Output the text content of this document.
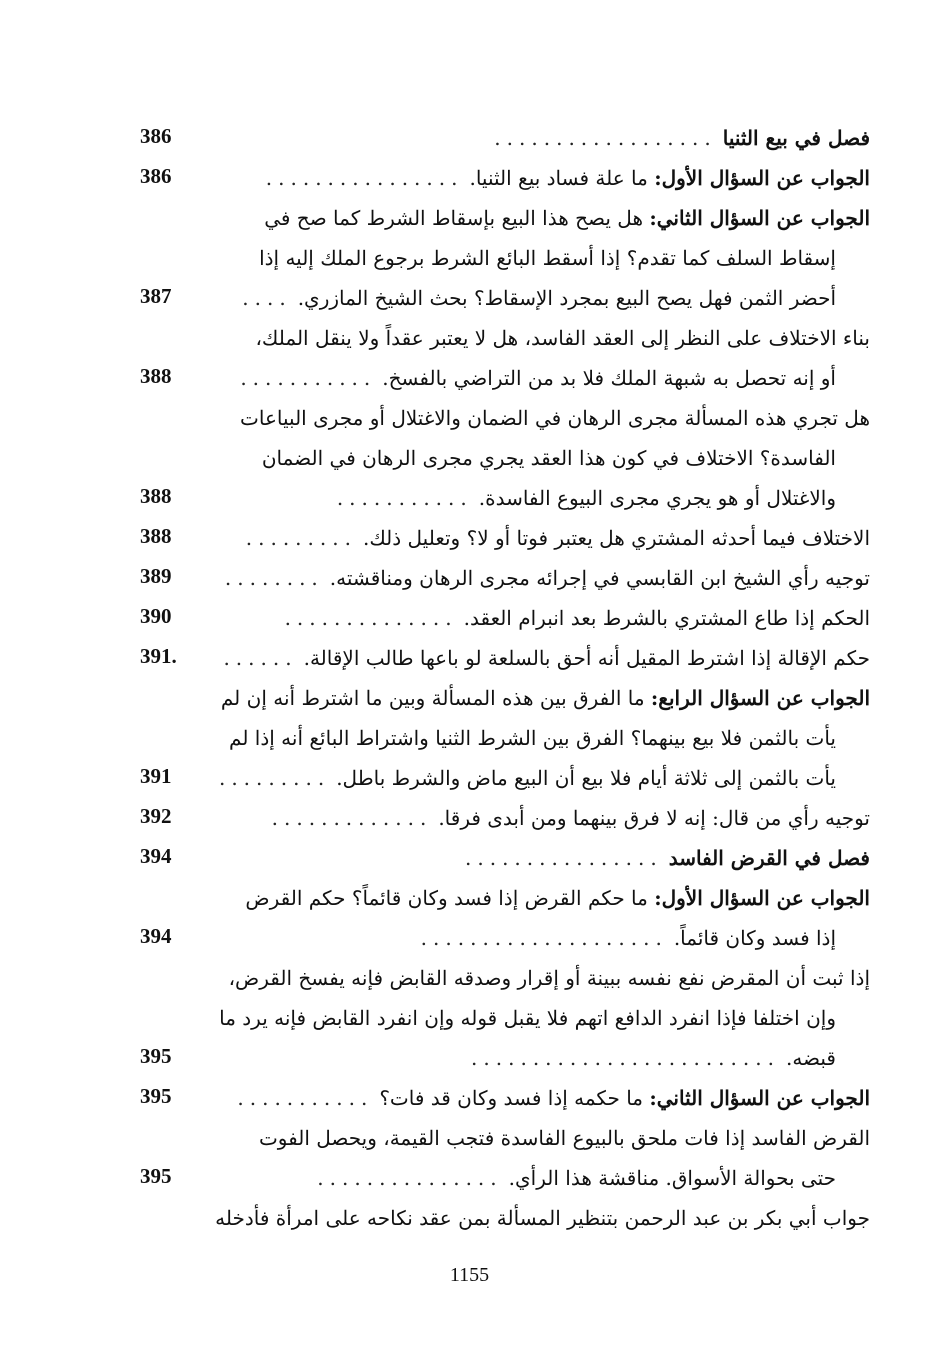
فصل في بيع الثنيا..................
386
الجواب عن السؤال الأول: ما علة فساد بيع الثنيا.................
386
الجواب عن السؤال الثاني: هل يصح هذا البيع بإسقاط الشرط كما صح في
إسقاط السلف كما تقدم؟ إذا أسقط البائع الشرط برجوع الملك إليه إذا
أحضر الثمن فهل يصح البيع بمجرد الإسقاط؟ بحث الشيخ المازري.....
387
بناء الاختلاف على النظر إلى العقد الفاسد، هل لا يعتبر عقداً ولا ينقل الملك،
أو إنه تحصل به شبهة الملك فلا بد من التراضي بالفسخ............
388
هل تجري هذه المسألة مجرى الرهان في الضمان والاغتلال أو مجرى البياعات
الفاسدة؟ الاختلاف في كون هذا العقد يجري مجرى الرهان في الضمان
والاغتلال أو هو يجري مجرى البيوع الفاسدة............
388
الاختلاف فيما أحدثه المشتري هل يعتبر فوتا أو لا؟ وتعليل ذلك..........
388
توجيه رأي الشيخ ابن القابسي في إجرائه مجرى الرهان ومناقشته.........
389
الحكم إذا طاع المشتري بالشرط بعد انبرام العقد...............
390
حكم الإقالة إذا اشترط المقيل أنه أحق بالسلعة لو باعها طالب الإقالة.......
391.
الجواب عن السؤال الرابع: ما الفرق بين هذه المسألة وبين ما اشترط أنه إن لم
يأت بالثمن فلا بيع بينهما؟ الفرق بين الشرط الثنيا واشتراط البائع أنه إذا لم
يأت بالثمن إلى ثلاثة أيام فلا بيع أن البيع ماض والشرط باطل..........
391
توجيه رأي من قال: إنه لا فرق بينهما ومن أبدى فرقا..............
392
فصل في القرض الفاسد................
394
الجواب عن السؤال الأول: ما حكم القرض إذا فسد وكان قائماً؟ حكم القرض
إذا فسد وكان قائماً.....................
394
إذا ثبت أن المقرض نفع نفسه ببينة أو إقرار وصدقه القابض فإنه يفسخ القرض،
وإن اختلفا فإذا انفرد الدافع اتهم فلا يقبل قوله وإن انفرد القابض فإنه يرد ما
قبضه..........................
395
الجواب عن السؤال الثاني: ما حكمه إذا فسد وكان قد فات؟...........
395
القرض الفاسد إذا فات ملحق بالبيوع الفاسدة فتجب القيمة، ويحصل الفوت
حتى بحوالة الأسواق. مناقشة هذا الرأي................
395
جواب أبي بكر بن عبد الرحمن بتنظير المسألة بمن عقد نكاحه على امرأة فأدخله
1155
